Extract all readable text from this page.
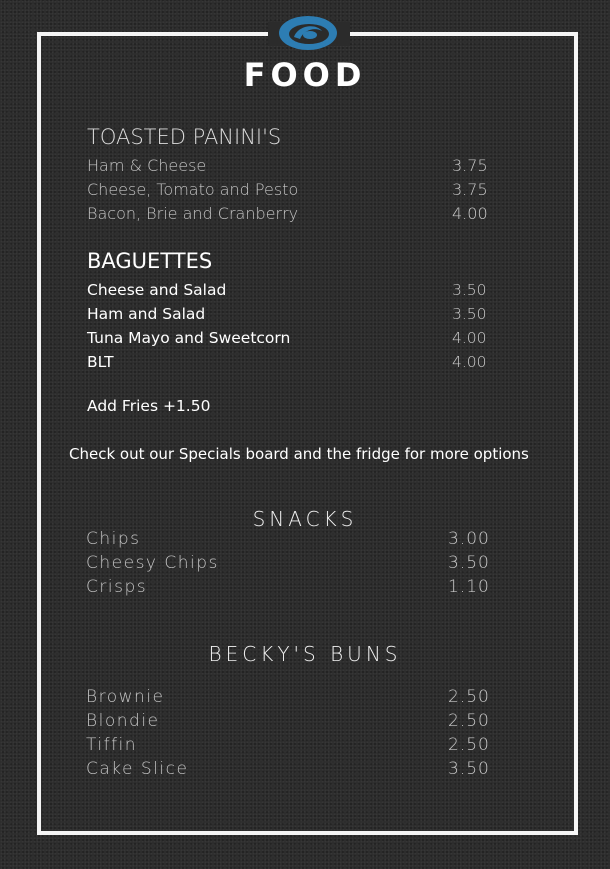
FOOD
TOASTED PANINI'S
Ham & Cheese	3.75
Cheese, Tomato and Pesto	3.75
Bacon, Brie and Cranberry	4.00
BAGUETTES
Cheese and Salad	3.50
Ham and Salad	3.50
Tuna Mayo and Sweetcorn	4.00
BLT	4.00

Add Fries +1.50

Check out our Specials board and the fridge for more options

SNACKS
Chips	3.00
Cheesy Chips	3.50
Crisps	1.10
BECKY'S BUNS
Brownie	2.50
Blondie	2.50
Tiffin	2.50
Cake Slice	3.50
